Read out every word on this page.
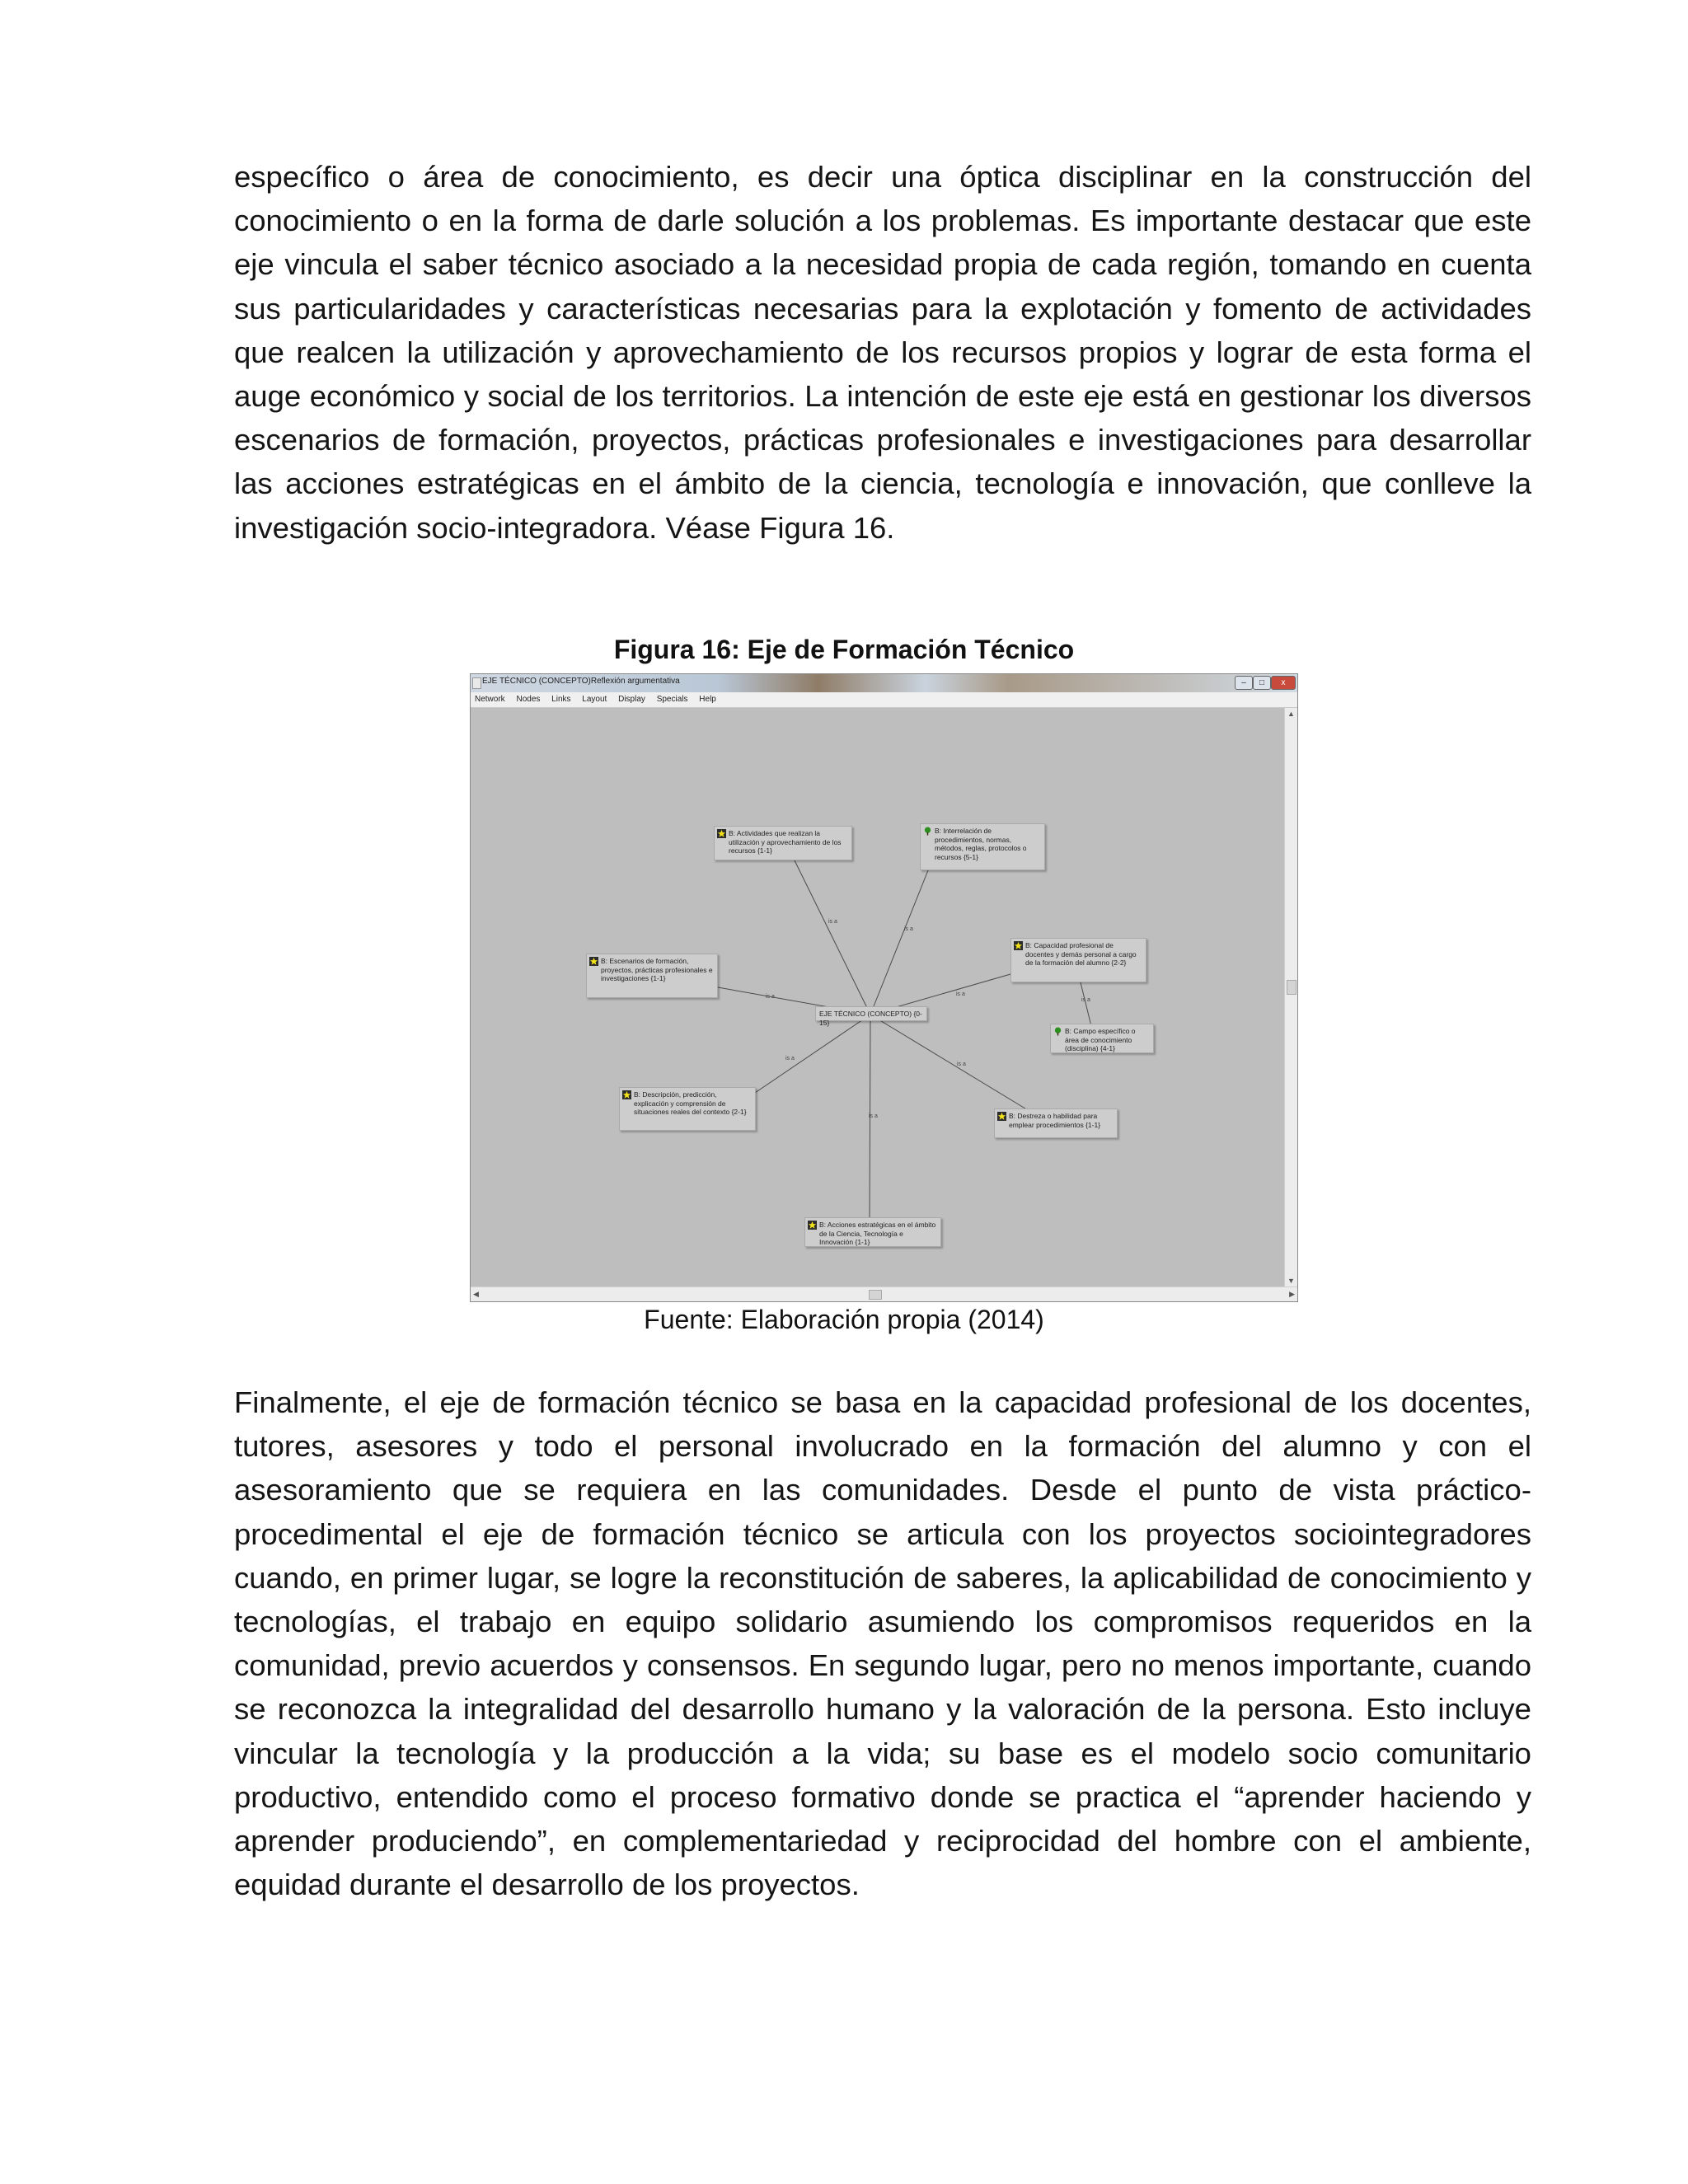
específico o área de conocimiento, es decir una óptica disciplinar en la construcción del conocimiento o en la forma de darle solución a los problemas. Es importante destacar que este eje vincula el saber técnico asociado a la necesidad propia de cada región, tomando en cuenta sus particularidades y características necesarias para la explotación y fomento de actividades que realcen la utilización y aprovechamiento de los recursos propios y lograr de esta forma el auge económico y social de los territorios. La intención de este eje está en gestionar los diversos escenarios de formación, proyectos, prácticas profesionales e investigaciones para desarrollar las acciones estratégicas en el ámbito de la ciencia, tecnología e innovación, que conlleve la investigación socio-integradora. Véase Figura 16.

Figura 16: Eje de Formación Técnico
EJE TÉCNICO (CONCEPTO)Reflexión argumentativa	–	□	x
Network Nodes Links Layout Display Specials Help
is a
is a
is a	is a
is a
is a
is a
is a
EJE TÉCNICO (CONCEPTO) {0-15}
B: Actividades que realizan la utilización y aprovechamiento de los recursos {1-1}
B: Interrelación de procedimientos, normas, métodos, reglas, protocolos o recursos {5-1}
B: Escenarios de formación, proyectos, prácticas profesionales e investigaciones {1-1}
B: Capacidad profesional de docentes y demás personal a cargo de la formación del alumno {2-2}
B: Campo específico o área de conocimiento (disciplina) {4-1}
B: Descripción, predicción, explicación y comprensión de situaciones reales del contexto {2-1}	B: Destreza o habilidad para emplear procedimientos {1-1}
B: Acciones estratégicas en el ámbito de la Ciencia, Tecnología e Innovación {1-1}
▲
▼
◀	▶
Fuente: Elaboración propia (2014)

Finalmente, el eje de formación técnico se basa en la capacidad profesional de los docentes, tutores, asesores y todo el personal involucrado en la formación del alumno y con el asesoramiento que se requiera en las comunidades. Desde el punto de vista práctico-procedimental el eje de formación técnico se articula con los proyectos sociointegradores cuando, en primer lugar, se logre la reconstitución de saberes, la aplicabilidad de conocimiento y tecnologías, el trabajo en equipo solidario asumiendo los compromisos requeridos en la comunidad, previo acuerdos y consensos. En segundo lugar, pero no menos importante, cuando se reconozca la integralidad del desarrollo humano y la valoración de la persona. Esto incluye vincular la tecnología y la producción a la vida; su base es el modelo socio comunitario productivo, entendido como el proceso formativo donde se practica el “aprender haciendo y aprender produciendo”, en complementariedad y reciprocidad del hombre con el ambiente, equidad durante el desarrollo de los proyectos.
